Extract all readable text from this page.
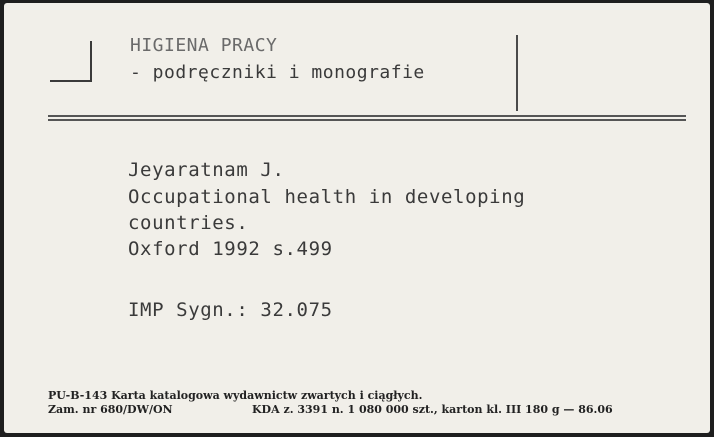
HIGIENA PRACY
- podręczniki i monografie
Jeyaratnam J.
Occupational health in developing
countries.
Oxford 1992 s.499
IMP Sygn.: 32.075
PU-B-143 Karta katalogowa wydawnictw zwartych i ciągłych.
Zam. nr 680/DW/ON	KDA z. 3391 n. 1 080 000 szt., karton kl. III 180 g — 86.06
